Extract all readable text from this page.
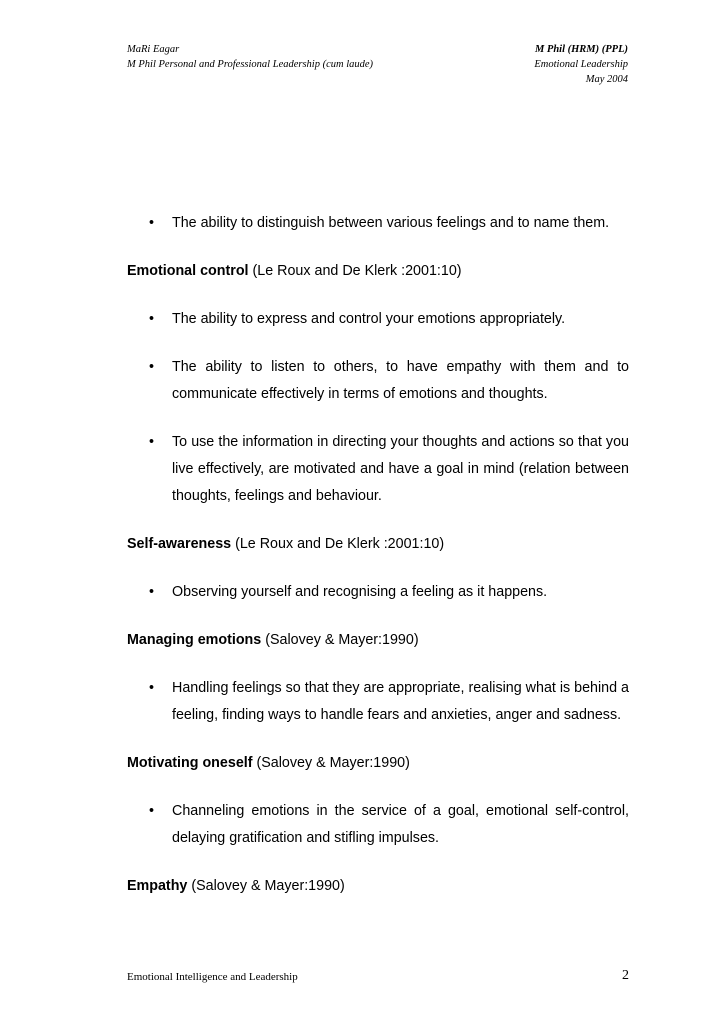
MaRi Eagar
M Phil Personal and Professional Leadership (cum laude)
M Phil (HRM) (PPL)
Emotional Leadership
May 2004
• The ability to distinguish between various feelings and to name them.
Emotional control (Le Roux and De Klerk :2001:10)
• The ability to express and control your emotions appropriately.
• The ability to listen to others, to have empathy with them and to communicate effectively in terms of emotions and thoughts.
• To use the information in directing your thoughts and actions so that you live effectively, are motivated and have a goal in mind (relation between thoughts, feelings and behaviour.
Self-awareness (Le Roux and De Klerk :2001:10)
• Observing yourself and recognising a feeling as it happens.
Managing emotions (Salovey & Mayer:1990)
• Handling feelings so that they are appropriate, realising what is behind a feeling, finding ways to handle fears and anxieties, anger and sadness.
Motivating oneself (Salovey & Mayer:1990)
• Channeling emotions in the service of a goal, emotional self-control, delaying gratification and stifling impulses.
Empathy (Salovey & Mayer:1990)
Emotional Intelligence and Leadership	2
